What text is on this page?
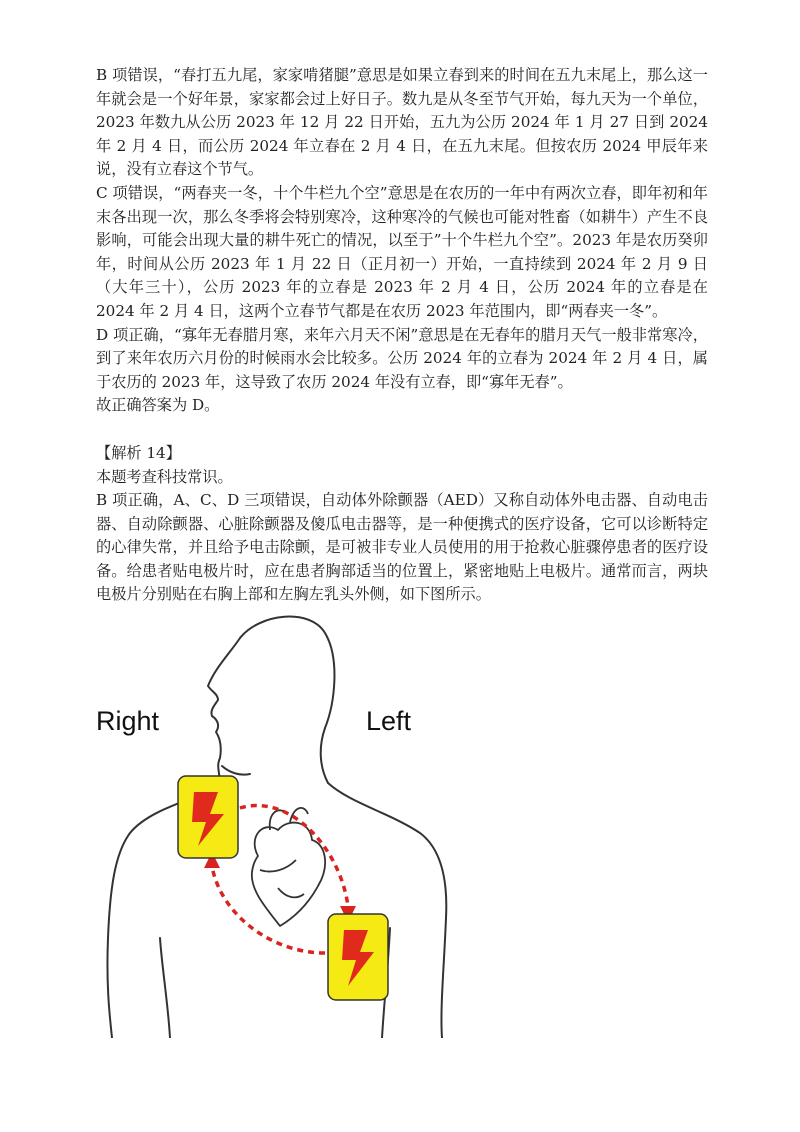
B 项错误，“春打五九尾，家家啃猪腿”意思是如果立春到来的时间在五九末尾上，那么这一年就会是一个好年景，家家都会过上好日子。数九是从冬至节气开始，每九天为一个单位，2023 年数九从公历 2023 年 12 月 22 日开始，五九为公历 2024 年 1 月 27 日到 2024 年 2 月 4 日，而公历 2024 年立春在 2 月 4 日，在五九末尾。但按农历 2024 甲辰年来说，没有立春这个节气。

C 项错误，“两春夹一冬，十个牛栏九个空”意思是在农历的一年中有两次立春，即年初和年末各出现一次，那么冬季将会特别寒冷，这种寒冷的气候也可能对牲畜（如耕牛）产生不良影响，可能会出现大量的耕牛死亡的情况，以至于”十个牛栏九个空”。2023 年是农历癸卯年，时间从公历 2023 年 1 月 22 日（正月初一）开始，一直持续到 2024 年 2 月 9 日（大年三十），公历 2023 年的立春是 2023 年 2 月 4 日，公历 2024 年的立春是在 2024 年 2 月 4 日，这两个立春节气都是在农历 2023 年范围内，即“两春夹一冬”。

D 项正确，“寡年无春腊月寒，来年六月天不闲”意思是在无春年的腊月天气一般非常寒冷，到了来年农历六月份的时候雨水会比较多。公历 2024 年的立春为 2024 年 2 月 4 日，属于农历的 2023 年，这导致了农历 2024 年没有立春，即“寡年无春”。

故正确答案为 D。

【解析 14】

本题考查科技常识。

B 项正确，A、C、D 三项错误，自动体外除颤器（AED）又称自动体外电击器、自动电击器、自动除颤器、心脏除颤器及傻瓜电击器等，是一种便携式的医疗设备，它可以诊断特定的心律失常，并且给予电击除颤，是可被非专业人员使用的用于抢救心脏骤停患者的医疗设备。给患者贴电极片时，应在患者胸部适当的位置上，紧密地贴上电极片。通常而言，两块电极片分别贴在右胸上部和左胸左乳头外侧，如下图所示。

Right	Left
